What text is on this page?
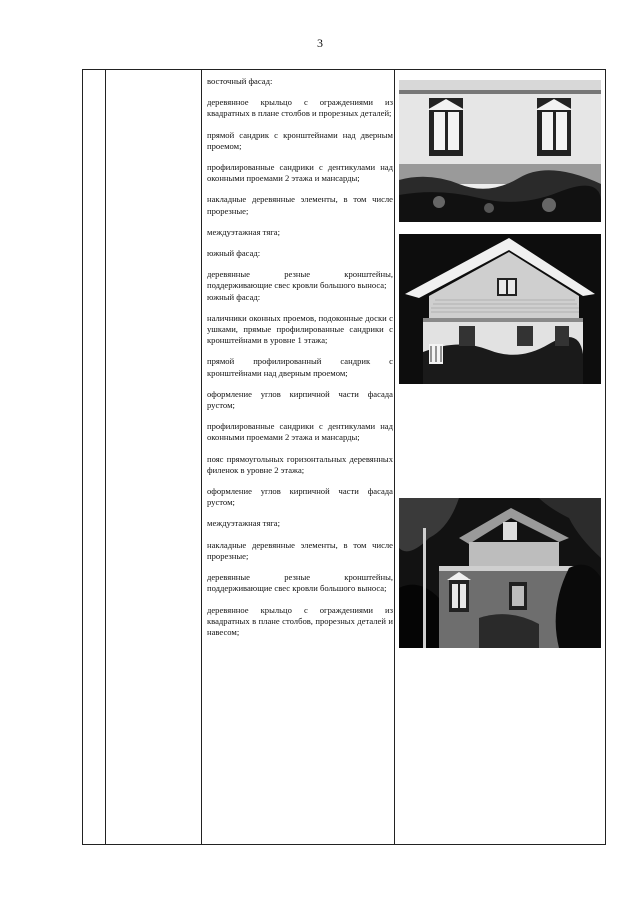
3

восточный фасад:

деревянное крыльцо с ограждениями из квадратных в плане столбов и прорезных деталей;

прямой сандрик с кронштейнами над дверным проемом;

профилированные сандрики с дентикулами над оконными проемами 2 этажа и мансарды;

накладные деревянные элементы, в том числе прорезные;

междуэтажная тяга;

южный фасад:

деревянные резные кронштейны, поддерживающие свес кровли большого выноса;

южный фасад:

наличники оконных проемов, подоконные доски с ушками, прямые профилированные сандрики с кронштейнами в уровне 1 этажа;

прямой профилированный сандрик с кронштейнами над дверным проемом;

оформление углов кирпичной части фасада рустом;

профилированные сандрики с дентикулами над оконными проемами 2 этажа и мансарды;

пояс прямоугольных горизонтальных деревянных филенок в уровне 2 этажа;

оформление углов кирпичной части фасада рустом;

междуэтажная тяга;

накладные деревянные элементы, в том числе прорезные;

деревянные резные кронштейны, поддерживающие свес кровли большого выноса;

деревянное крыльцо с ограждениями из квадратных в плане столбов, прорезных деталей и навесом;
